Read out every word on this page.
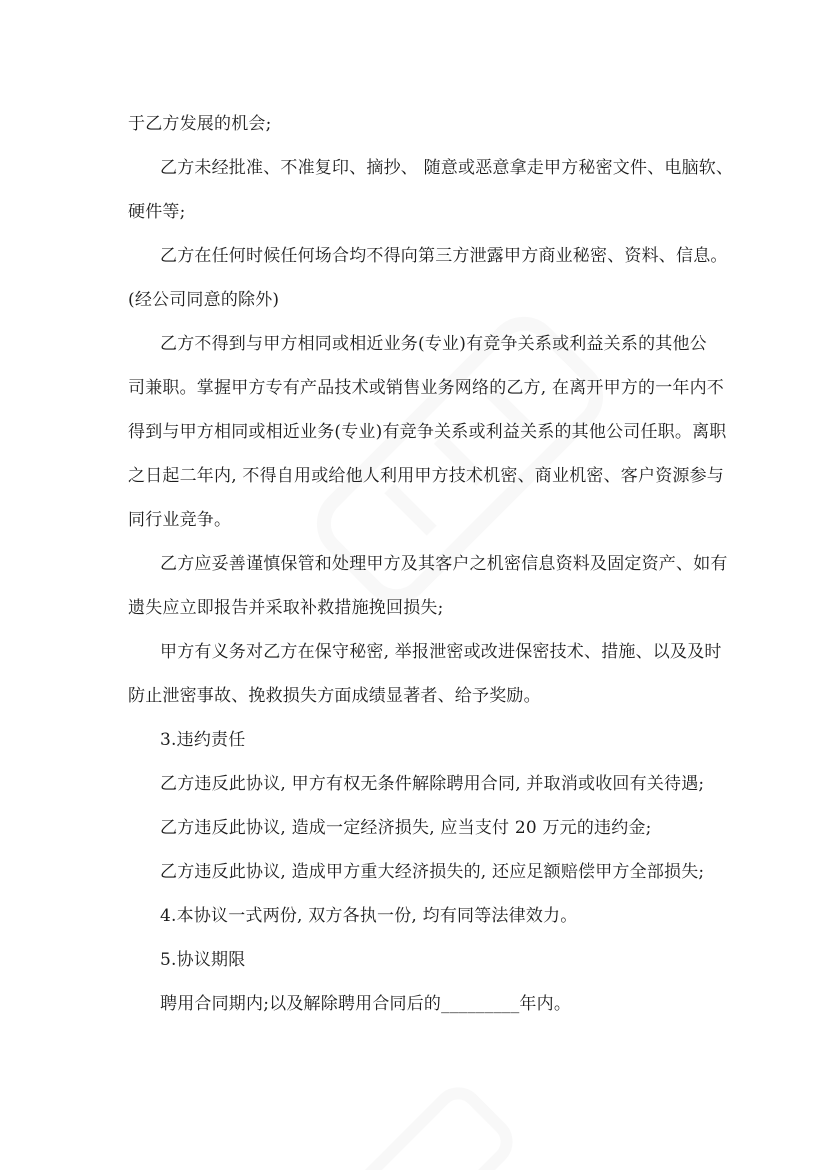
于乙方发展的机会;
乙方未经批准、不准复印、摘抄、 随意或恶意拿走甲方秘密文件、电脑软、
硬件等;
乙方在任何时候任何场合均不得向第三方泄露甲方商业秘密、资料、信息。
(经公司同意的除外)
乙方不得到与甲方相同或相近业务(专业)有竞争关系或利益关系的其他公
司兼职。掌握甲方专有产品技术或销售业务网络的乙方, 在离开甲方的一年内不
得到与甲方相同或相近业务(专业)有竞争关系或利益关系的其他公司任职。离职
之日起二年内, 不得自用或给他人利用甲方技术机密、商业机密、客户资源参与
同行业竞争。
乙方应妥善谨慎保管和处理甲方及其客户之机密信息资料及固定资产、如有
遗失应立即报告并采取补救措施挽回损失;
甲方有义务对乙方在保守秘密, 举报泄密或改进保密技术、措施、以及及时
防止泄密事故、挽救损失方面成绩显著者、给予奖励。
3.违约责任
乙方违反此协议, 甲方有权无条件解除聘用合同, 并取消或收回有关待遇;
乙方违反此协议, 造成一定经济损失, 应当支付 20 万元的违约金;
乙方违反此协议, 造成甲方重大经济损失的, 还应足额赔偿甲方全部损失;
4.本协议一式两份, 双方各执一份, 均有同等法律效力。
5.协议期限
聘用合同期内;以及解除聘用合同后的_________年内。
